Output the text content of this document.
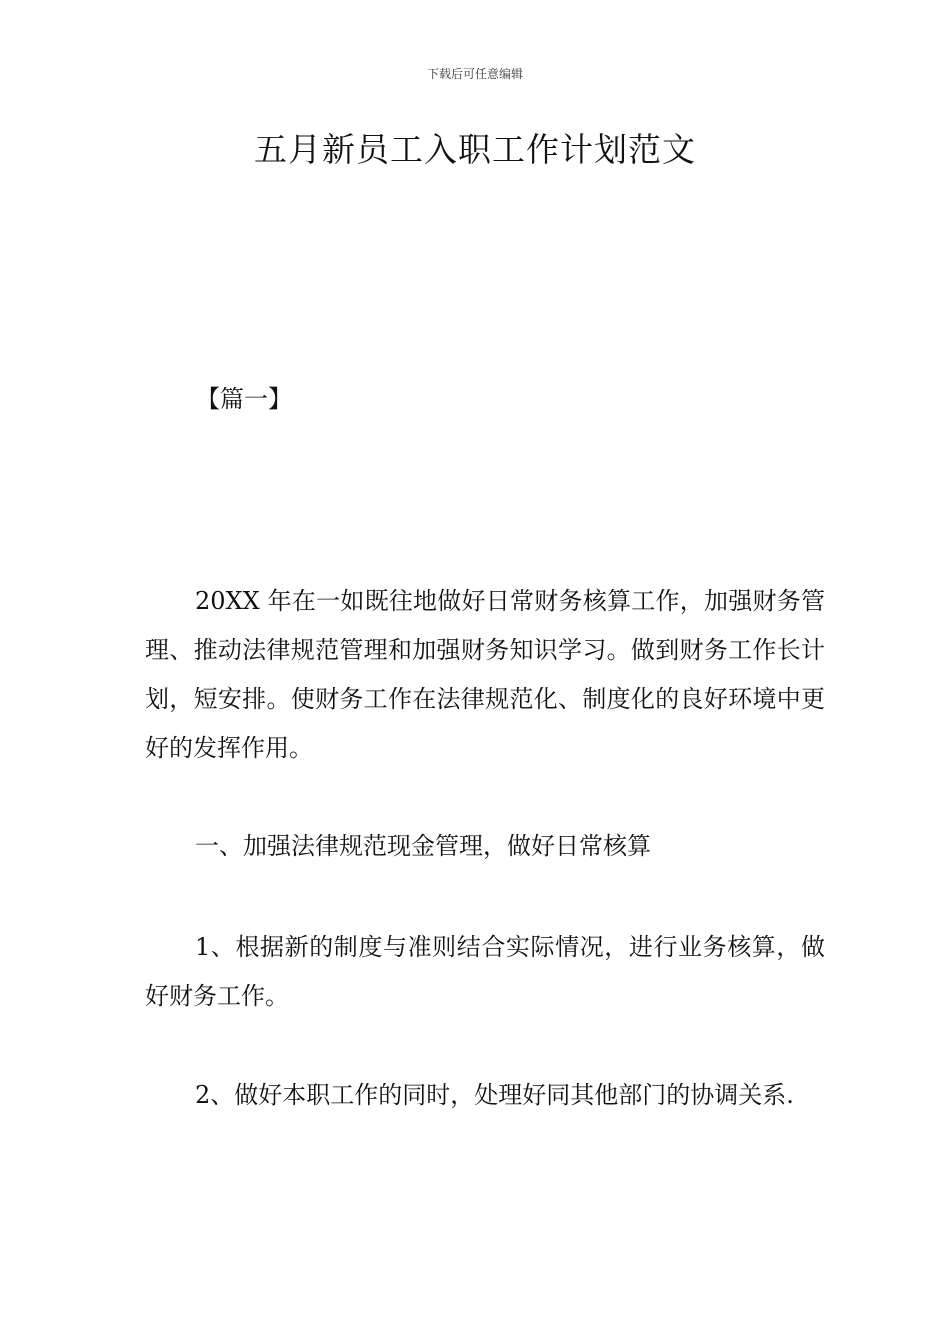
下载后可任意编辑
五月新员工入职工作计划范文
【篇一】

20XX 年在一如既往地做好日常财务核算工作，加强财务管理、推动法律规范管理和加强财务知识学习。做到财务工作长计划，短安排。使财务工作在法律规范化、制度化的良好环境中更好的发挥作用。

一、加强法律规范现金管理，做好日常核算

1、根据新的制度与准则结合实际情况，进行业务核算，做好财务工作。

2、做好本职工作的同时，处理好同其他部门的协调关系.
